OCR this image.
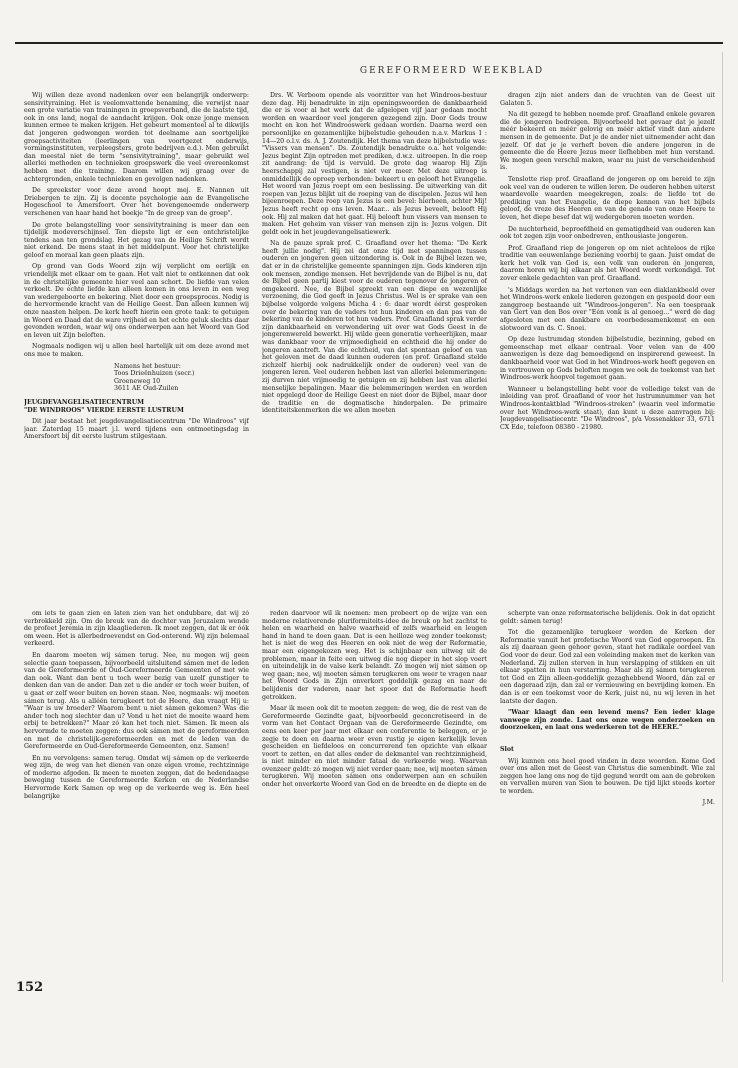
GEREFORMEERD WEEKBLAD

Wij willen deze avond nadenken over een belangrijk onderwerp: sensivityraining. Het is veelomvattende benaming, die verwijst naar een grote variatie van trainingen in groepsverband, die de laatste tijd, ook in ons land, nogal de aandacht krijgen. Ook onze jonge mensen kunnen ermee te maken krijgen. Het gebeurt momenteel al te dikwijls dat jongeren gedwongen worden tot deelname aan soortgelijke groepsactiviteiten (leerlingen van voortgezet onderwijs, vormingsinstituten, verpleegsters, grote bedrijven e.d.). Men gebruikt dan meestal niet de term "sensivitytraining", maar gebruikt wel allerlei methoden en technieken groepswerk die veel overeenkomst hebben met die training. Daarom willen wij graag over de achtergronden, enkele technieken en gevolgen nadenken.

De spreekster voor deze avond hoopt mej. E. Nannen uit Driebergen te zijn. Zij is docente psychologie aan de Evangelische Hogeschool te Amersfoort. Over het bovengenoemde onderwerp verschenen van haar hand het boekje "In de greep van de groep".

De grote belangstelling voor sensivitytraining is meer dan een tijdelijk modeverschijnsel. Ten diepste ligt er een ontchristelijke tendens aan ten grondslag. Het gezag van de Heilige Schrift wordt niet erkend. De mens staat in het middelpunt. Voor het christelijke geloof en moraal kan geen plaats zijn.

Op grond van Gods Woord zijn wij verplicht om eerlijk en vriendelijk met elkaar om te gaan. Het valt niet te ontkennen dat ook in de christelijke gemeente hier veel aan schort. De liefde van velen verkoelt. De echte liefde kan alleen komen in ons leven in een weg van wedergeboorte en bekering. Niet door een groepsproces. Nodig is de hervormende kracht van de Heilige Geest. Dan alleen kunnen wij onze naasten helpen. De kerk heeft hierin een grote taak: te getuigen in Woord en Daad dat de ware vrijheid en het echte geluk slechts daar gevonden worden, waar wij ons onderwerpen aan het Woord van God en leven uit Zijn beloften.

Nogmaals nodigen wij u allen heel hartelijk uit om deze avond met ons mee te maken.

Namens het bestuur:
Toos Drieënhuizen (secr.)
Groeneweg 10
3611 AE Oud-Zuilen

JEUGDEVANGELISATIECENTRUM
"DE WINDROOS" VIERDE EERSTE LUSTRUM

Dit jaar bestaat het jeugdevangelisatiecentrum "De Windroos" vijf jaar. Zaterdag 15 maart j.l. werd tijdens een ontmoetingsdag in Amersfoort bij dit eerste lustrum stilgestaan.

Drs. W. Verboom opende als voorzitter van het Windroos-bestuur deze dag. Hij benadrukte in zijn openingswoorden de dankbaarheid die er is voor al het werk dat de afgelopen vijf jaar gedaan mocht worden en waardoor veel jongeren gezegend zijn. Door Gods trouw mocht en kon het Windrooswerk gedaan worden. Daarna werd een persoonlijke en gezamenlijke bijbelstudie gehouden n.a.v. Markus 1 : 14—20 o.l.v. ds. A. J. Zoutendijk. Het thema van deze bijbelstudie was: "Vissers van mensen". Ds. Zoutendijk benadrukte o.a. het volgende: Jezus begint Zijn optreden met prediken, d.w.z. uitroepen. In die roep zit aandrang: de tijd is vervuld. De grote dag waarop Hij Zijn heerschappij zal vestigen, is niet ver meer. Met deze uitroep is onmiddellijk de oproep verbonden: bekeert u en gelooft het Evangelie. Het woord van Jezus roept om een beslissing. De uitwerking van dit roepen van Jezus blijkt uit de roeping van de discipelen. Jezus wil hen bijeenroepen. Deze roep van Jezus is een bevel: hierheen, achter Mij! Jezus heeft recht op ons leven. Maar... als Jezus beveelt, belooft Hij ook. Hij zal maken dat het gaat. Hij belooft hun vissers van mensen te maken. Het geheim van visser van mensen zijn is: Jezus volgen. Dit geldt ook in het jeugdevangelisatiewerk.

Na de pauze sprak prof. C. Graafland over het thema: "De Kerk heeft jullie nodig". Hij zei dat onze tijd met spanningen tussen ouderen en jongeren geen uitzondering is. Ook in de Bijbel lezen we, dat er in de christelijke gemeente spanningen zijn. Gods kinderen zijn ook mensen, zondige mensen. Het bevrijdende van de Bijbel is nu, dat de Bijbel geen partij kiest voor de ouderen tegenover de jongeren of omgekeerd. Nee, de Bijbel spreekt van een diepe en wezenlijke verzoening, die God geeft in Jezus Christus. Wel is er sprake van een bijbelse volgorde volgens Micha 4 : 6: daar wordt éérst gesproken over de bekering van de vaders tot hun kinderen en dan pas van de bekering van de kinderen tot hun vaders. Prof. Graafland sprak verder zijn dankbaarheid en verwondering uit over wat Gods Geest in de jongerenwereld bewerkt. Hij wilde geen generatie verheerlijken, maar was dankbaar voor de vrijmoedigheid en echtheid die hij onder de jongeren aantreft. Van die echtheid, van dat spontaan geloof en van het geloven met de daad kunnen ouderen (en prof. Graafland stelde zichzelf hierbij ook nadrukkelijk onder de ouderen) veel van de jongeren leren. Veel ouderen hebben last van allerlei belemmeringen: zij durven niet vrijmoedig te getuigen en zij hebben last van allerlei menselijke bepalingen. Maar die belemmeringen werden en worden niet opgelegd door de Heilige Geest en niet door de Bijbel, maar door de traditie en de dogmatische hinderpalen. De primaire identiteitskenmerken die we allen moeten

dragen zijn niet anders dan de vruchten van de Geest uit Galaten 5.

Na dit gezegd te hebben noemde prof. Graafland enkele gevaren die de jongeren bedreigen. Bijvoorbeeld het gevaar dat je jezelf méér bekeerd en méér gelovig en méér aktief vindt dan andere mensen in de gemeente. Dat je de ander niet uitnemender acht dan jezelf. Of dat je je verheft boven die andere jongeren in de gemeente die de Heere Jezus meer liefhebben met hun verstand. We mogen geen verschil maken, waar nu juist de verscheidenheid is.

Tenslotte riep prof. Graafland de jongeren op om bereid te zijn ook veel van de ouderen te willen leren. De ouderen hebben uiterst waardevolle waarden meegekregen, zoals: de liefde tot de prediking van het Evangelie, de diepe kennen van het bijbels geloof, de vreze des Heeren en van de genade van onze Heere te leven, het diepe besef dat wij wedergeboren moeten worden.

De nuchterheid, beproefdheid en gematigdheid van ouderen kan ook tot zegen zijn voor onbedreven, enthousiaste jongeren.

Prof. Graafland riep de jongeren op om niet achteloos de rijke traditie van eeuwenlange beziening voorbij te gaan. Juist omdat de kerk het volk van God is, een volk van ouderen én jongeren, daarom horen wij bij elkaar als het Woord wordt verkondigd. Tot zover enkele gedachten van prof. Graafland.

's Middags werden na het vertonen van een diaklankbeeld over het Windroos-werk enkele liederen gezongen en gespeeld door een zanggroep bestaande uit "Windroos-jongeren". Na een toespraak van Gert van den Bos over "Eén vonk is al genoeg..." werd de dag afgesloten met een dankbare en voorbedesamenkomst en een slotwoord van ds. C. Snoei.

Op deze lustrumdag stonden bijbelstudie, bezinning, gebed en gemeenschap met elkaar centraal. Voor velen van de 400 aanwezigen is deze dag bemoedigend en inspirerend geweest. In dankbaarheid voor wat God in het Windroos-werk heeft gegeven en in vertrouwen op Gods beloften mogen we ook de toekomst van het Windroos-werk hoopvol tegemoet gaan.

Wanneer u belangstelling hebt voor de volledige tekst van de inleiding van prof. Graafland of voor het lustrumnummer van het Windroos-kontaktblad "Windroos-streken" (waarin veel informatie over het Windroos-werk staat), dan kunt u deze aanvragen bij: Jeugdevangelisatiecentr. "De Windroos", p/a Vossenakker 33, 6711 CX Ede, telefoon 08380 - 21980.

om iets te gaan zien en laten zien van het ondubbare, dat wij zó verbrokkeld zijn. Om de breuk van de dochter van Jeruzalem wende de profeet Jeremia in zijn klaagliederen. Ik moet zeggen, dat ik er óók om ween. Het is allerbedroevendst en God-onterend. Wij zijn helemaal verkeerd.

En daarom moeten wij sámen terug. Nee, nu mogen wij geen selectie gaan toepassen, bijvoorbeeld uitsluitend sámen met de leden van de Gereformeerde of Oud-Gereformeerde Gemeenten of met wie dan ook. Want dan bent u toch weer bezig van uzelf gunstiger te denken dan van de ander. Dan zet u die ander er toch weer buiten, of u gaat er zelf weer buiten en boven staan. Nee, nogmaals: wij moeten sámen terug. Als u alléén terugkeert tot de Heere, dan vraagt Hij u: "Waar is uw broeder? Waarom bent u niet sámen gekomen? Was die ander toch nog slechter dan u? Vond u het niet de moeite waard hem erbij te betrekken?" Maar zó kan het toch niet. Sámen. Ik meen als hervormde te moeten zeggen: dus ook sámen met de gereformeerden en met de christelijk-gereformeerden en met de leden van de Gereformeerde en Oud-Gereformeerde Gemeenten, enz. Samen!

En nu vervolgens: samen terug. Omdat wij sámen op de verkeerde weg zijn, de weg van het dienen van onze eigen vrome, rechtzinnige of moderne afgoden. Ik meen te moeten zeggen, dat de hedendaagse beweging tussen de Gereformeerde Kerken en de Nederlandse Hervormde Kerk Samen op weg op de verkeerde weg is. Eén heel belangrijke

reden daarvoor wil ik noemen: men probeert op de wijze van een moderne relativerende pluriformiteits-idee de breuk op het zachtst te helen en waarheid en halve waarheid of zelfs waarheid en leugen hand in hand te doen gaan. Dat is een heilloze weg zonder toekomst; het is niet de weg des Heeren en ook niet de weg der Reformatie, maar een eigengekozen weg. Het is schijnbaar een uitweg uit de problemen, maar in feite een uitweg die nog dieper in het slop voert en uiteindelijk in de valse kerk belandt. Zó mogen wij niet sámen op weg gaan; nee, wij moeten sámen terugkeren om weer te vragen naar het Woord Gods in Zijn onverkort goddelijk gezag en naar de belijdenis der vaderen, naar het spoor dat de Reformatie heeft getrokken.

Maar ik meen ook dit te moeten zeggen: de weg, die de rest van de Gereformeerde Gezindte gaat, bijvoorbeeld geconcretiseerd in de vorm van het Contact Orgaan van de Gereformeerde Gezindte, om eens een keer per jaar met elkaar een conferentie te beleggen, er je zegje te doen en daarna weer even rustig je eigen kerkelijk leven gescheiden en liefdeloos en concurrerend ten opzichte van elkaar voort te zetten, en dat alles onder de dekmantel van rechtzinnigheid, is niet minder en niet minder fataal de verkeerde weg. Waarvan ovenzeer geldt: zó mogen wij niet verder gaan; nee, wij moeten sámen terugkeren. Wij moeten sámen ons onderwerpen aan en schuilen onder het onverkorte Woord van God en de breedte en de diepte en de

scherpte van onze reformatorische belijdenis. Ook in dat opzicht geldt: sámen terug!

Tot die gezamenlijke terugkeer worden de Kerken der Reformatie vanuit het profetische Woord van God opgeroepen. En als zij daaraan geen gehoor geven, staat het radikale oordeel van God voor de deur. God zal een voleinding maken met de kerken van Nederland. Zij zullen sterven in hun verslapping of stikken en uit elkaar spatten in hun verstarring. Maar als zij sámen terugkeren tot God en Zijn alleen-goddelijk gezaghebbend Woord, dán zal er een dageraad zijn, dan zal er vernieuwing en bevrijding komen. En dan is er een toekomst voor de Kerk, juist nú, nu wij leven in het laatste der dagen.

"Waar klaagt dan een levend mens? Een ieder klage vanwege zijn zonde. Laat ons onze wegen onderzoeken en doorzoeken, en laat ons wederkeren tot de HEERE."

Slot

Wij kunnen ons heel goed vinden in deze woorden. Kome God over ons allen met de Geest van Christus die samenbindt. Wie zal zeggen hoe lang ons nog de tijd gegund wordt om aan de gebroken en vervallen muren van Sion te bouwen. De tijd lijkt steeds korter te worden.

J.M.

152
